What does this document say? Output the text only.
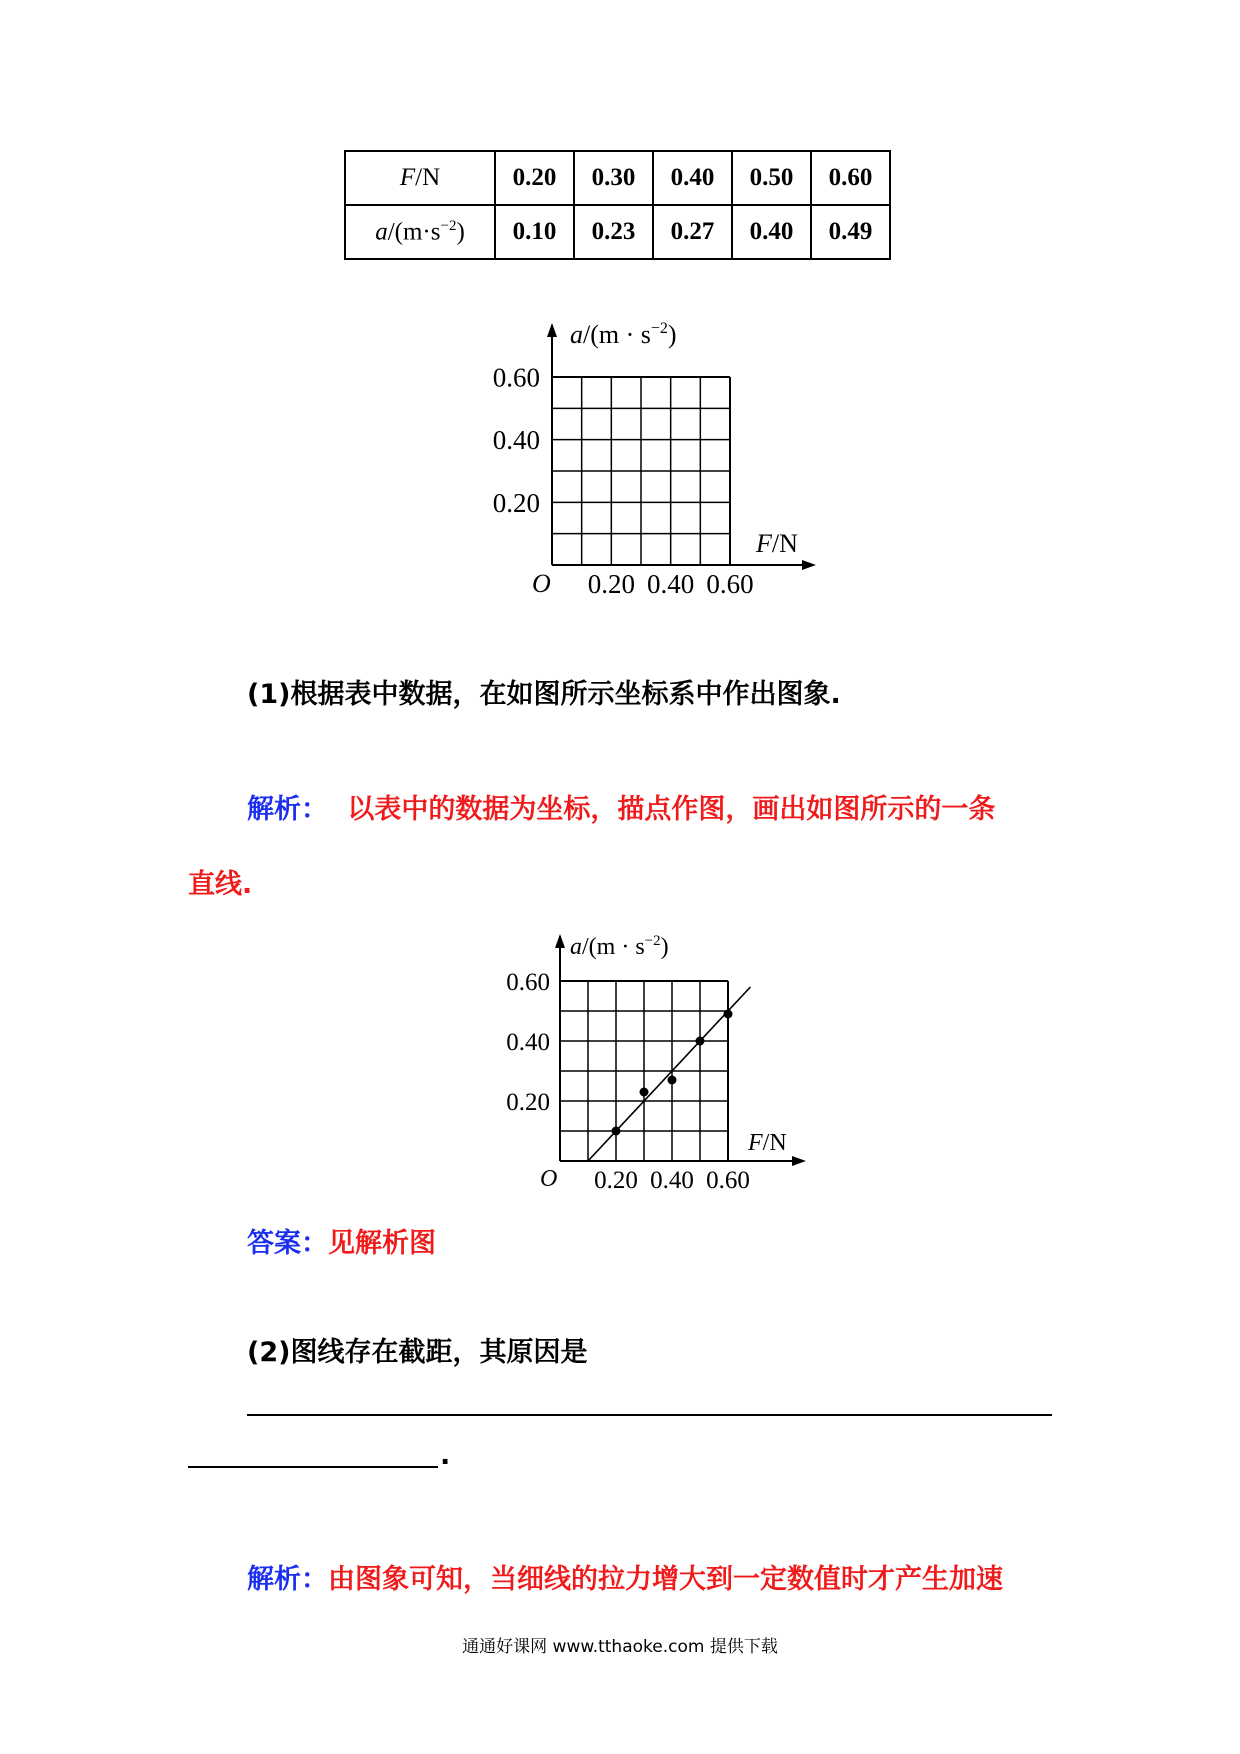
F/N	0.20	0.30	0.40	0.50	0.60
$a/(m\cdot s^{-2})$	0.10	0.23	0.27	0.40	0.49
$a/(m \cdot s^{-2})$
F/N
O
0.20
0.40
0.60
0.20 0.40 0.60
(1)根据表中数据，在如图所示坐标系中作出图象.
解析： 以表中的数据为坐标，描点作图，画出如图所示的一条
直线.
$a/(m \cdot s^{-2})$
F/N
O
0.20
0.40
0.60
0.20 0.40 0.60
答案：见解析图
(2)图线存在截距，其原因是
.
解析：由图象可知，当细线的拉力增大到一定数值时才产生加速
通通好课网 www.tthaoke.com 提供下载
